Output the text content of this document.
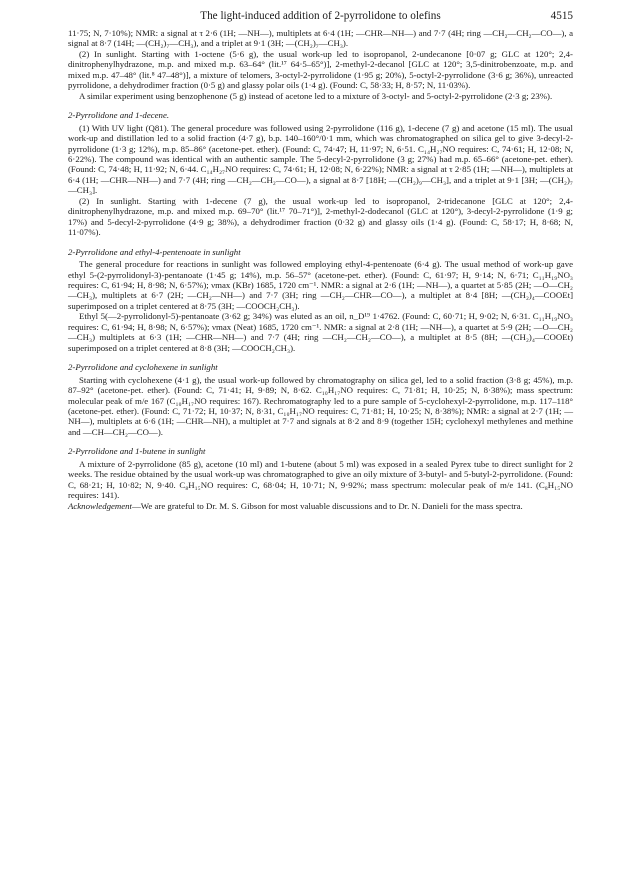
The light-induced addition of 2-pyrrolidone to olefins	4515

11·75; N, 7·10%); NMR: a signal at τ 2·6 (1H; —NH—), multiplets at 6·4 (1H; —CHR—NH—) and 7·7 (4H; ring —CH₂—CH₂—CO—), a signal at 8·7 (14H; —(CH₂)₇—CH₃), and a triplet at 9·1 (3H; —(CH₂)₇—CH₃).

(2) In sunlight. Starting with 1-octene (5·6 g), the usual work-up led to isopropanol, 2-undecanone [0·07 g; GLC at 120°; 2,4-dinitrophenylhydrazone, m.p. and mixed m.p. 63–64° (lit.¹⁷ 64·5–65°)], 2-methyl-2-decanol [GLC at 120°; 3,5-dinitrobenzoate, m.p. and mixed m.p. 47–48° (lit.⁸ 47–48°)], a mixture of telomers, 3-octyl-2-pyrrolidone (1·95 g; 20%), 5-octyl-2-pyrrolidone (3·6 g; 36%), unreacted pyrrolidone, a dehydrodimer fraction (0·5 g) and glassy polar oils (1·4 g). (Found: C, 58·33; H, 8·57; N, 11·03%).

A similar experiment using benzophenone (5 g) instead of acetone led to a mixture of 3-octyl- and 5-octyl-2-pyrrolidone (2·3 g; 23%).

2-Pyrrolidone and 1-decene.

(1) With UV light (Q81). The general procedure was followed using 2-pyrrolidone (116 g), 1-decene (7 g) and acetone (15 ml). The usual work-up and distillation led to a solid fraction (4·7 g), b.p. 140–160°/0·1 mm, which was chromatographed on silica gel to give 3-decyl-2-pyrrolidone (1·3 g; 12%), m.p. 85–86° (acetone-pet. ether). (Found: C, 74·47; H, 11·97; N, 6·51. C₁₄H₂₇NO requires: C, 74·61; H, 12·08; N, 6·22%). The compound was identical with an authentic sample. The 5-decyl-2-pyrrolidone (3 g; 27%) had m.p. 65–66° (acetone-pet. ether). (Found: C, 74·48; H, 11·92; N, 6·44. C₁₄H₂₇NO requires: C, 74·61; H, 12·08; N, 6·22%); NMR: a signal at τ 2·85 (1H; —NH—), multiplets at 6·4 (1H; —CHR—NH—) and 7·7 (4H; ring —CH₂—CH₂—CO—), a signal at 8·7 [18H; —(CH₂)₉—CH₃], and a triplet at 9·1 [3H; —(CH₂)₇—CH₃].

(2) In sunlight. Starting with 1-decene (7 g), the usual work-up led to isopropanol, 2-tridecanone [GLC at 120°; 2,4-dinitrophenylhydrazone, m.p. and mixed m.p. 69–70° (lit.¹⁷ 70–71°)], 2-methyl-2-dodecanol (GLC at 120°), 3-decyl-2-pyrrolidone (1·9 g; 17%) and 5-decyl-2-pyrrolidone (4·9 g; 38%), a dehydrodimer fraction (0·32 g) and glassy oils (1·4 g). (Found: C, 58·17; H, 8·68; N, 11·07%).

2-Pyrrolidone and ethyl-4-pentenoate in sunlight

The general procedure for reactions in sunlight was followed employing ethyl-4-pentenoate (6·4 g). The usual method of work-up gave ethyl 5-(2-pyrrolidonyl-3)-pentanoate (1·45 g; 14%), m.p. 56–57° (acetone-pet. ether). (Found: C, 61·97; H, 9·14; N, 6·71; C₁₁H₁₉NO₃ requires: C, 61·94; H, 8·98; N, 6·57%); νmax (KBr) 1685, 1720 cm⁻¹. NMR: a signal at 2·6 (1H; —NH—), a quartet at 5·85 (2H; —O—CH₂—CH₃), multiplets at 6·7 (2H; —CH₂—NH—) and 7·7 (3H; ring —CH₂—CHR—CO—), a multiplet at 8·4 [8H; —(CH₂)₄—COOEt] superimposed on a triplet centered at 8·75 (3H; —COOCH₂CH₃).

Ethyl 5(—2-pyrrolidonyl-5)-pentanoate (3·62 g; 34%) was eluted as an oil, n_D¹⁹ 1·4762. (Found: C, 60·71; H, 9·02; N, 6·31. C₁₁H₁₉NO₃ requires: C, 61·94; H, 8·98; N, 6·57%); νmax (Neat) 1685, 1720 cm⁻¹. NMR: a signal at 2·8 (1H; —NH—), a quartet at 5·9 (2H; —O—CH₂—CH₃) multiplets at 6·3 (1H; —CHR—NH—) and 7·7 (4H; ring —CH₂—CH₂—CO—), a multiplet at 8·5 (8H; —(CH₂)₄—COOEt) superimposed on a triplet centered at 8·8 (3H; —COOCH₂CH₃).

2-Pyrrolidone and cyclohexene in sunlight

Starting with cyclohexene (4·1 g), the usual work-up followed by chromatography on silica gel, led to a solid fraction (3·8 g; 45%), m.p. 87–92° (acetone-pet. ether). (Found: C, 71·41; H, 9·89; N, 8·62. C₁₀H₁₇NO requires: C, 71·81; H, 10·25; N, 8·38%); mass spectrum: molecular peak of m/e 167 (C₁₀H₁₇NO requires: 167). Rechromatography led to a pure sample of 5-cyclohexyl-2-pyrrolidone, m.p. 117–118° (acetone-pet. ether). (Found: C, 71·72; H, 10·37; N, 8·31, C₁₀H₁₇NO requires: C, 71·81; H, 10·25; N, 8·38%); NMR: a signal at 2·7 (1H; —NH—), multiplets at 6·6 (1H; —CHR—NH), a multiplet at 7·7 and signals at 8·2 and 8·9 (together 15H; cyclohexyl methylenes and methine and —CH—CH₂—CO—).

2-Pyrrolidone and 1-butene in sunlight

A mixture of 2-pyrrolidone (85 g), acetone (10 ml) and 1-butene (about 5 ml) was exposed in a sealed Pyrex tube to direct sunlight for 2 weeks. The residue obtained by the usual work-up was chromatographed to give an oily mixture of 3-butyl- and 5-butyl-2-pyrrolidone. (Found: C, 68·21; H, 10·82; N, 9·40. C₈H₁₅NO requires: C, 68·04; H, 10·71; N, 9·92%; mass spectrum: molecular peak of m/e 141. (C₈H₁₅NO requires: 141).

Acknowledgement—We are grateful to Dr. M. S. Gibson for most valuable discussions and to Dr. N. Danieli for the mass spectra.
